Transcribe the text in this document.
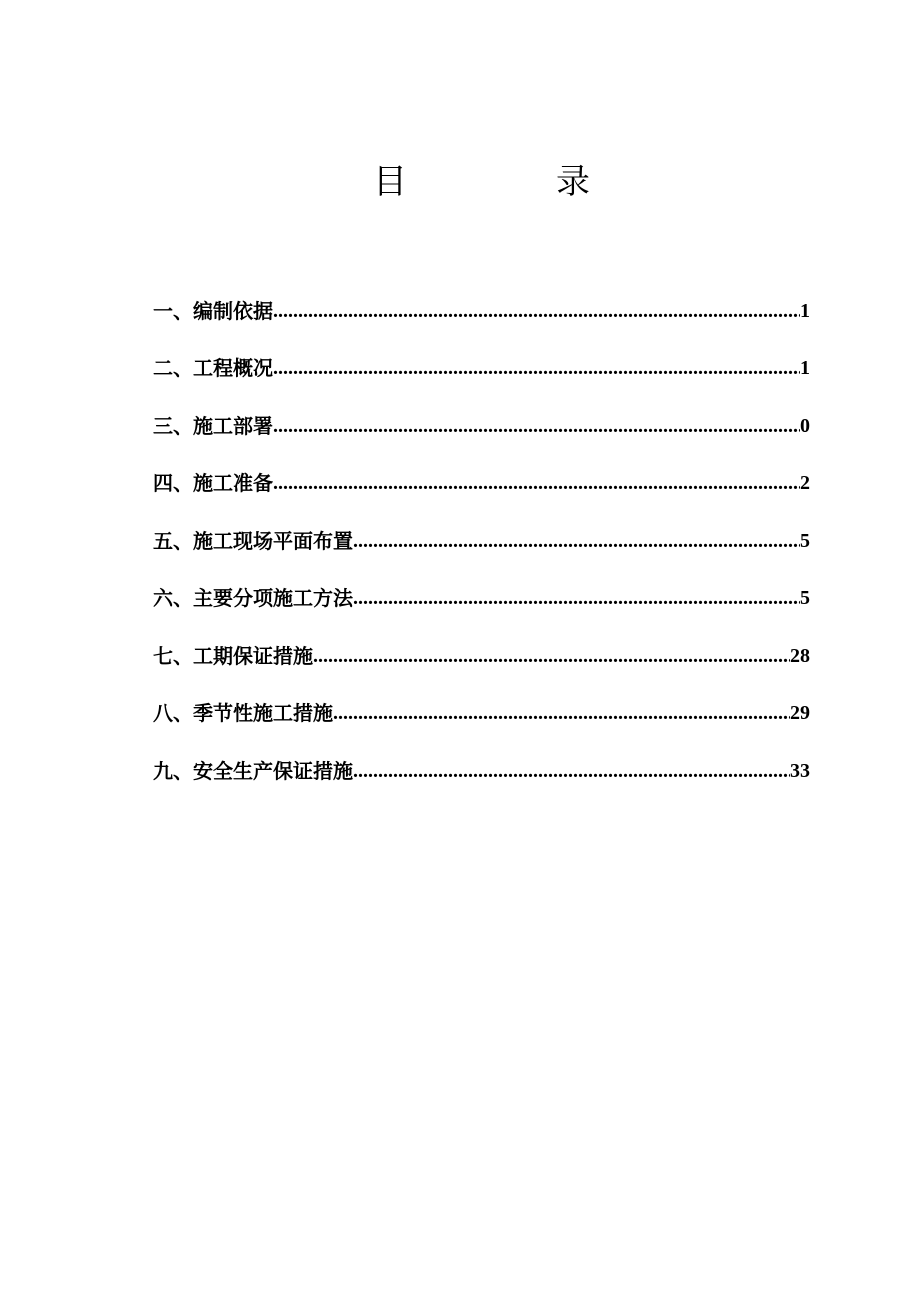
目	录
一、编制依据 .....	1
二、工程概况 .....	1
三、施工部署 .....	0
四、施工准备 .....	2
五、施工现场平面布置 .....	5
六、主要分项施工方法 .....	5
七、工期保证措施 .....	28
八、季节性施工措施 .....	29
九、安全生产保证措施 .....	33
